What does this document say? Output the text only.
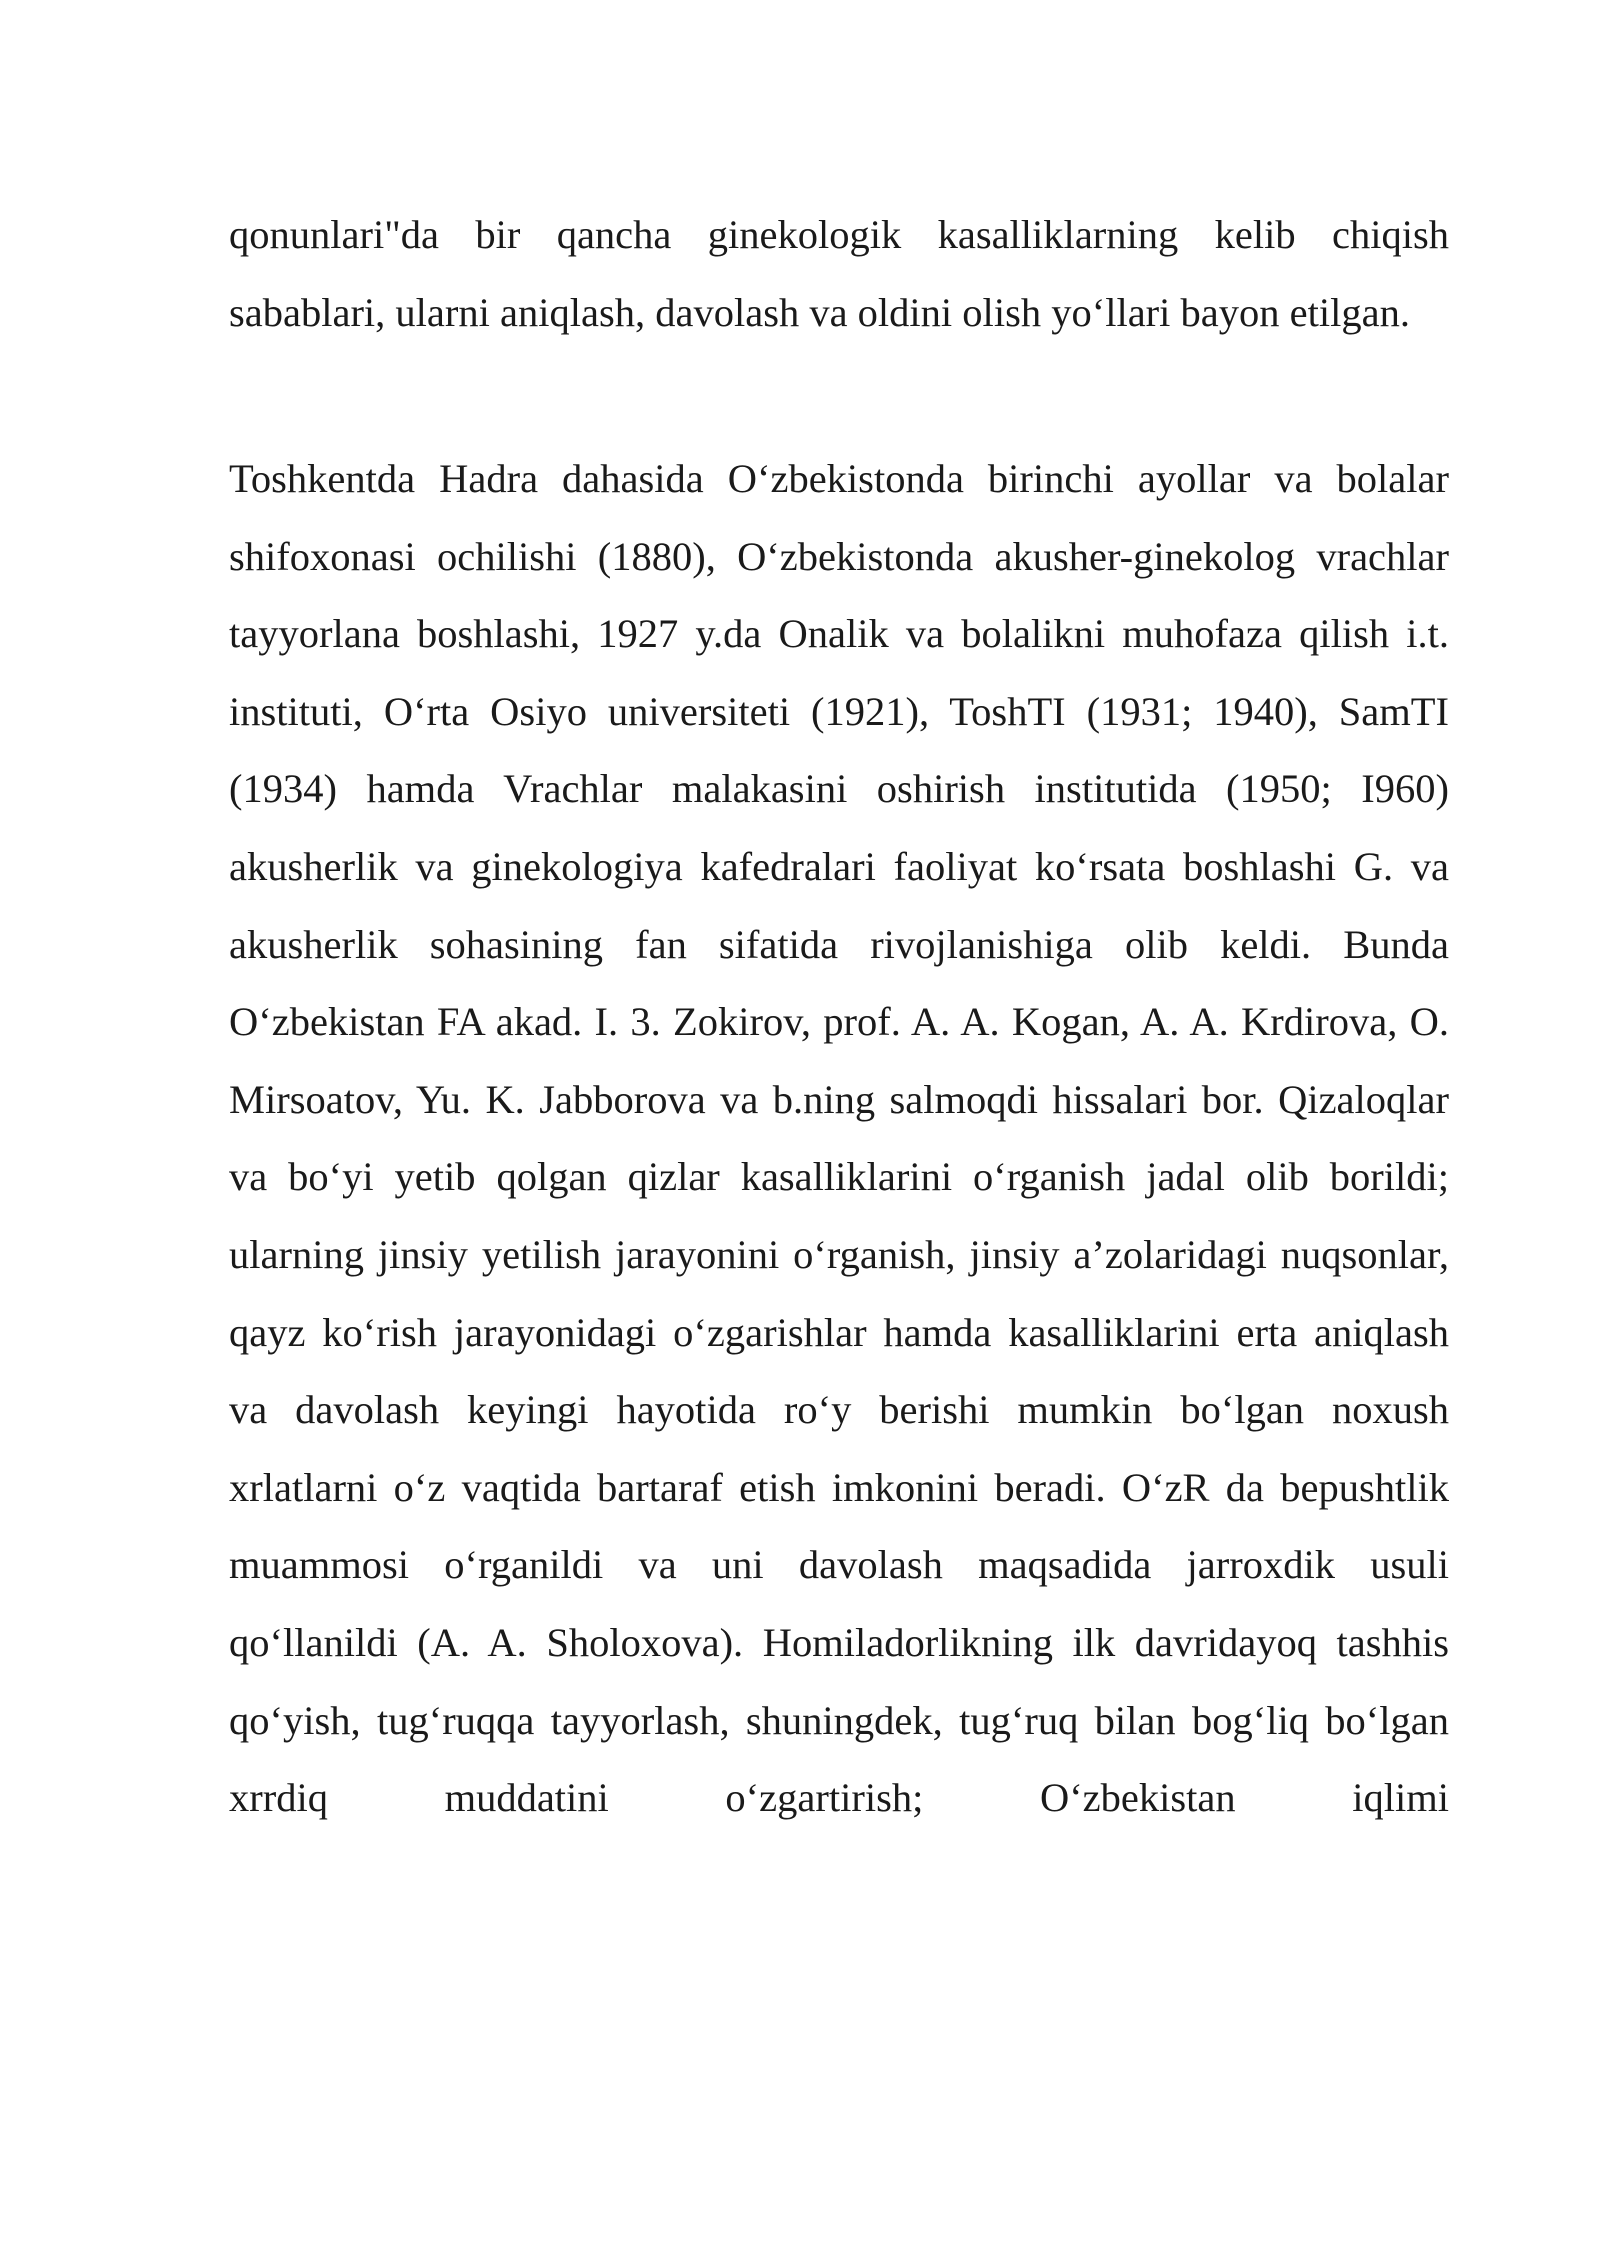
qonunlari"da bir qancha ginekologik kasalliklarning kelib chiqish sabablari, ularni aniqlash, davolash va oldini olish yoʻllari bayon etilgan.

Toshkentda Hadra dahasida Oʻzbekistonda birinchi ayollar va bolalar shifoxonasi ochilishi (1880), Oʻzbekistonda akusher-ginekolog vrachlar tayyorlana boshlashi, 1927 y.da Onalik va bolalikni muhofaza qilish i.t. instituti, Oʻrta Osiyo universiteti (1921), ToshTI (1931; 1940), SamTI (1934) hamda Vrachlar malakasini oshirish institutida (1950; I960) akusherlik va ginekologiya kafedralari faoliyat koʻrsata boshlashi G. va akusherlik sohasining fan sifatida rivojlanishiga olib keldi. Bunda Oʻzbekistan FA akad. I. 3. Zokirov, prof. A. A. Kogan, A. A. Krdirova, O. Mirsoatov, Yu. K. Jabborova va b.ning salmoqdi hissalari bor. Qizaloqlar va boʻyi yetib qolgan qizlar kasalliklarini oʻrganish jadal olib borildi; ularning jinsiy yetilish jarayonini oʻrganish, jinsiy a’zolaridagi nuqsonlar, qayz koʻrish jarayonidagi oʻzgarishlar hamda kasalliklarini erta aniqlash va davolash keyingi hayotida roʻy berishi mumkin boʻlgan noxush xrlatlarni oʻz vaqtida bartaraf etish imkonini beradi. OʻzR da bepushtlik muammosi oʻrganildi va uni davolash maqsadida jarroxdik usuli qoʻllanildi (A. A. Sholoxova). Homiladorlikning ilk davridayoq tashhis qoʻyish, tugʻruqqa tayyorlash, shuningdek, tugʻruq bilan bogʻliq boʻlgan xrrdiq muddatini oʻzgartirish; Oʻzbekistan iqlimi
